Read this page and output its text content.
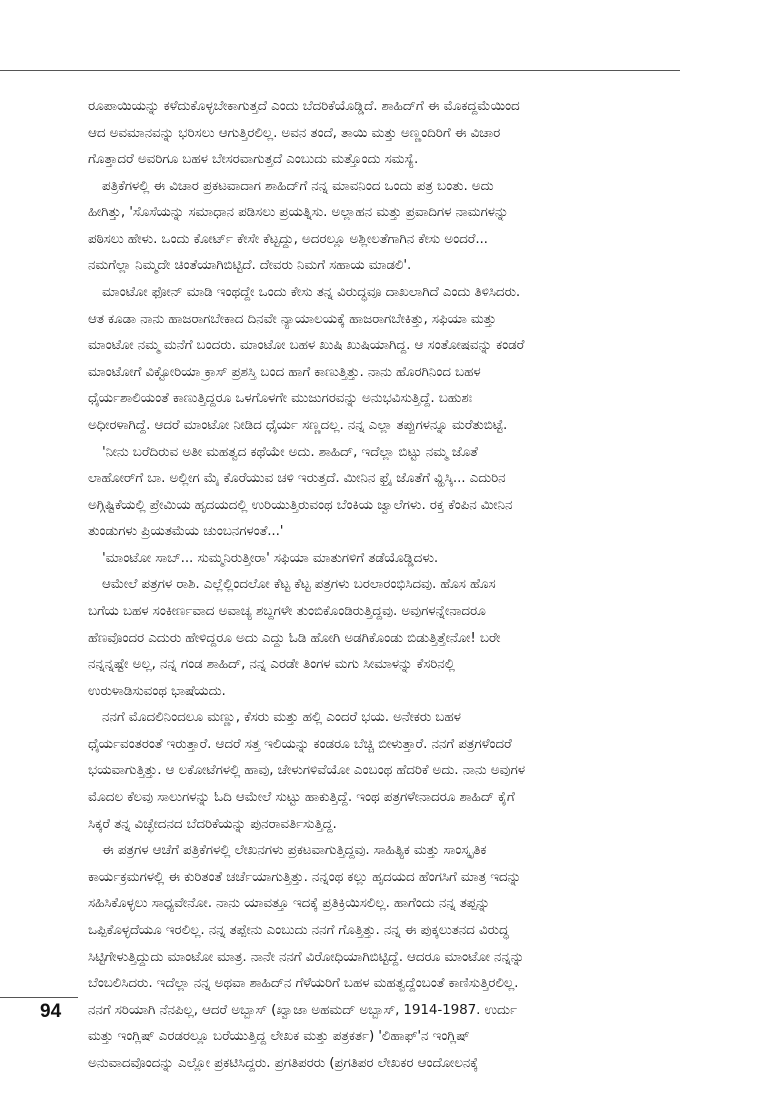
ರೂಪಾಯಿಯನ್ನು ಕಳೆದುಕೊಳ್ಳಬೇಕಾಗುತ್ತದೆ ಎಂದು ಬೆದರಿಕೆಯೊಡ್ಡಿದೆ. ಶಾಹಿದ್‌ಗೆ ಈ ಮೊಕದ್ದಮೆಯಿಂದ
ಆದ ಅವಮಾನವನ್ನು ಭರಿಸಲು ಆಗುತ್ತಿರಲಿಲ್ಲ. ಅವನ ತಂದೆ, ತಾಯಿ ಮತ್ತು ಅಣ್ಣಂದಿರಿಗೆ ಈ ವಿಚಾರ
ಗೊತ್ತಾದರೆ ಅವರಿಗೂ ಬಹಳ ಬೇಸರವಾಗುತ್ತದೆ ಎಂಬುದು ಮತ್ತೊಂದು ಸಮಸ್ಯೆ.
ಪತ್ರಿಕೆಗಳಲ್ಲಿ ಈ ವಿಚಾರ ಪ್ರಕಟವಾದಾಗ ಶಾಹಿದ್‌ಗೆ ನನ್ನ ಮಾವನಿಂದ ಒಂದು ಪತ್ರ ಬಂತು. ಅದು
ಹೀಗಿತ್ತು, 'ಸೊಸೆಯನ್ನು ಸಮಾಧಾನ ಪಡಿಸಲು ಪ್ರಯತ್ನಿಸು. ಅಲ್ಲಾಹನ ಮತ್ತು ಪ್ರವಾದಿಗಳ ನಾಮಗಳನ್ನು
ಪಠಿಸಲು ಹೇಳು. ಒಂದು ಕೋರ್ಟ್ ಕೇಸೇ ಕೆಟ್ಟದ್ದು, ಅದರಲ್ಲೂ ಅಶ್ಲೀಲತೆಗಾಗಿನ ಕೇಸು ಅಂದರೆ...
ನಮಗೆಲ್ಲಾ ನಿಮ್ಮದೇ ಚಿಂತೆಯಾಗಿಬಿಟ್ಟಿದೆ. ದೇವರು ನಿಮಗೆ ಸಹಾಯ ಮಾಡಲಿ'.
ಮಾಂಟೋ ಫೋನ್ ಮಾಡಿ ಇಂಥದ್ದೇ ಒಂದು ಕೇಸು ತನ್ನ ವಿರುದ್ಧವೂ ದಾಖಲಾಗಿದೆ ಎಂದು ತಿಳಿಸಿದರು.
ಆತ ಕೂಡಾ ನಾನು ಹಾಜರಾಗಬೇಕಾದ ದಿನವೇ ನ್ಯಾಯಾಲಯಕ್ಕೆ ಹಾಜರಾಗಬೇಕಿತ್ತು, ಸಫಿಯಾ ಮತ್ತು
ಮಾಂಟೋ ನಮ್ಮ ಮನೆಗೆ ಬಂದರು. ಮಾಂಟೋ ಬಹಳ ಖುಷಿ ಖುಷಿಯಾಗಿದ್ದ. ಆ ಸಂತೋಷವನ್ನು ಕಂಡರೆ
ಮಾಂಟೋಗೆ ವಿಕ್ಟೋರಿಯಾ ಕ್ರಾಸ್ ಪ್ರಶಸ್ತಿ ಬಂದ ಹಾಗೆ ಕಾಣುತ್ತಿತ್ತು. ನಾನು ಹೊರಗಿನಿಂದ ಬಹಳ
ಧೈರ್ಯಶಾಲಿಯಂತೆ ಕಾಣುತ್ತಿದ್ದರೂ ಒಳಗೊಳಗೇ ಮುಜುಗರವನ್ನು ಅನುಭವಿಸುತ್ತಿದ್ದೆ. ಬಹುಶಃ
ಅಧೀರಳಾಗಿದ್ದೆ. ಆದರೆ ಮಾಂಟೋ ನೀಡಿದ ಧೈರ್ಯ ಸಣ್ಣದಲ್ಲ. ನನ್ನ ಎಲ್ಲಾ ತಪ್ಪುಗಳನ್ನೂ ಮರೆತುಬಿಟ್ಟೆ.
'ನೀನು ಬರೆದಿರುವ ಅತೀ ಮಹತ್ವದ ಕಥೆಯೇ ಅದು. ಶಾಹಿದ್, ಇದೆಲ್ಲಾ ಬಿಟ್ಟು ನಮ್ಮ ಜೊತೆ
ಲಾಹೋರ್‌ಗೆ ಬಾ. ಅಲ್ಲೀಗ ಮೈ ಕೊರೆಯುವ ಚಳಿ ಇರುತ್ತದೆ. ಮೀನಿನ ಫ್ರೈ ಜೊತೆಗೆ ವ್ಹಿಸ್ಕಿ... ಎದುರಿನ
ಅಗ್ಗಿಷ್ಟಿಕೆಯಲ್ಲಿ ಪ್ರೇಮಿಯ ಹೃದಯದಲ್ಲಿ ಉರಿಯುತ್ತಿರುವಂಥ ಬೆಂಕಿಯ ಜ್ವಾಲೆಗಳು. ರಕ್ತ ಕೆಂಪಿನ ಮೀನಿನ
ತುಂಡುಗಳು ಪ್ರಿಯತಮೆಯ ಚುಂಬನಗಳಂತೆ...'
'ಮಾಂಟೋ ಸಾಬ್... ಸುಮ್ಮನಿರುತ್ತೀರಾ' ಸಫಿಯಾ ಮಾತುಗಳಿಗೆ ತಡೆಯೊಡ್ಡಿದಳು.
ಆಮೇಲೆ ಪತ್ರಗಳ ರಾಶಿ. ಎಲ್ಲೆಲ್ಲಿಂದಲೋ ಕೆಟ್ಟ ಕೆಟ್ಟ ಪತ್ರಗಳು ಬರಲಾರಂಭಿಸಿದವು. ಹೊಸ ಹೊಸ
ಬಗೆಯ ಬಹಳ ಸಂಕೀರ್ಣವಾದ ಅವಾಚ್ಯ ಶಬ್ದಗಳೇ ತುಂಬಿಕೊಂಡಿರುತ್ತಿದ್ದವು. ಅವುಗಳನ್ನೇನಾದರೂ
ಹೆಣವೊಂದರ ಎದುರು ಹೇಳಿದ್ದರೂ ಅದು ಎದ್ದು ಓಡಿ ಹೋಗಿ ಅಡಗಿಕೊಂಡು ಬಿಡುತ್ತಿತ್ತೇನೋ! ಬರೇ
ನನ್ನನ್ನಷ್ಟೇ ಅಲ್ಲ, ನನ್ನ ಗಂಡ ಶಾಹಿದ್, ನನ್ನ ಎರಡೇ ತಿಂಗಳ ಮಗು ಸೀಮಾಳನ್ನು ಕೆಸರಿನಲ್ಲಿ
ಉರುಳಾಡಿಸುವಂಥ ಭಾಷೆಯದು.
ನನಗೆ ಮೊದಲಿನಿಂದಲೂ ಮಣ್ಣು, ಕೆಸರು ಮತ್ತು ಹಲ್ಲಿ ಎಂದರೆ ಭಯ. ಅನೇಕರು ಬಹಳ
ಧೈರ್ಯವಂತರಂತೆ ಇರುತ್ತಾರೆ. ಆದರೆ ಸತ್ತ ಇಲಿಯನ್ನು ಕಂಡರೂ ಬೆಚ್ಚಿ ಬೀಳುತ್ತಾರೆ. ನನಗೆ ಪತ್ರಗಳೆಂದರೆ
ಭಯವಾಗುತ್ತಿತ್ತು. ಆ ಲಕೋಟೆಗಳಲ್ಲಿ ಹಾವು, ಚೇಳುಗಳಿವೆಯೋ ಎಂಬಂಥ ಹೆದರಿಕೆ ಅದು. ನಾನು ಅವುಗಳ
ಮೊದಲ ಕೆಲವು ಸಾಲುಗಳನ್ನು ಓದಿ ಆಮೇಲೆ ಸುಟ್ಟು ಹಾಕುತ್ತಿದ್ದೆ. ಇಂಥ ಪತ್ರಗಳೇನಾದರೂ ಶಾಹಿದ್ ಕೈಗೆ
ಸಿಕ್ಕರೆ ತನ್ನ ವಿಚ್ಛೇದನದ ಬೆದರಿಕೆಯನ್ನು ಪುನರಾವರ್ತಿಸುತ್ತಿದ್ದ.
ಈ ಪತ್ರಗಳ ಆಚೆಗೆ ಪತ್ರಿಕೆಗಳಲ್ಲಿ ಲೇಖನಗಳು ಪ್ರಕಟವಾಗುತ್ತಿದ್ದವು. ಸಾಹಿತ್ಯಿಕ ಮತ್ತು ಸಾಂಸ್ಕೃತಿಕ
ಕಾರ್ಯಕ್ರಮಗಳಲ್ಲಿ ಈ ಕುರಿತಂತೆ ಚರ್ಚೆಯಾಗುತ್ತಿತ್ತು. ನನ್ನಂಥ ಕಲ್ಲು ಹೃದಯದ ಹೆಂಗಸಿಗೆ ಮಾತ್ರ ಇದನ್ನು
ಸಹಿಸಿಕೊಳ್ಳಲು ಸಾಧ್ಯವೇನೋ. ನಾನು ಯಾವತ್ತೂ ಇದಕ್ಕೆ ಪ್ರತಿಕ್ರಿಯಿಸಲಿಲ್ಲ. ಹಾಗೆಂದು ನನ್ನ ತಪ್ಪನ್ನು
ಒಪ್ಪಿಕೊಳ್ಳದೆಯೂ ಇರಲಿಲ್ಲ. ನನ್ನ ತಪ್ಪೇನು ಎಂಬುದು ನನಗೆ ಗೊತ್ತಿತ್ತು. ನನ್ನ ಈ ಪುಕ್ಕಲುತನದ ವಿರುದ್ಧ
ಸಿಟ್ಟಿಗೇಳುತ್ತಿದ್ದುದು ಮಾಂಟೋ ಮಾತ್ರ. ನಾನೇ ನನಗೆ ವಿರೋಧಿಯಾಗಿಬಿಟ್ಟಿದ್ದೆ. ಆದರೂ ಮಾಂಟೋ ನನ್ನನ್ನು
ಬೆಂಬಲಿಸಿದರು. ಇದೆಲ್ಲಾ ನನ್ನ ಅಥವಾ ಶಾಹಿದ್‌ನ ಗೆಳೆಯರಿಗೆ ಬಹಳ ಮಹತ್ವದ್ದೆಂಬಂತೆ ಕಾಣಿಸುತ್ತಿರಲಿಲ್ಲ.
ನನಗೆ ಸರಿಯಾಗಿ ನೆನಪಿಲ್ಲ, ಆದರೆ ಅಬ್ಬಾಸ್ (ಖ್ವಾಜಾ ಅಹಮದ್ ಅಬ್ಬಾಸ್, 1914-1987. ಉರ್ದು
ಮತ್ತು ಇಂಗ್ಲಿಷ್ ಎರಡರಲ್ಲೂ ಬರೆಯುತ್ತಿದ್ದ ಲೇಖಕ ಮತ್ತು ಪತ್ರಕರ್ತ) 'ಲಿಹಾಫ್'ನ ಇಂಗ್ಲಿಷ್
ಅನುವಾದವೊಂದನ್ನು ಎಲ್ಲೋ ಪ್ರಕಟಿಸಿದ್ದರು. ಪ್ರಗತಿಪರರು (ಪ್ರಗತಿಪರ ಲೇಖಕರ ಆಂದೋಲನಕ್ಕೆ
94
